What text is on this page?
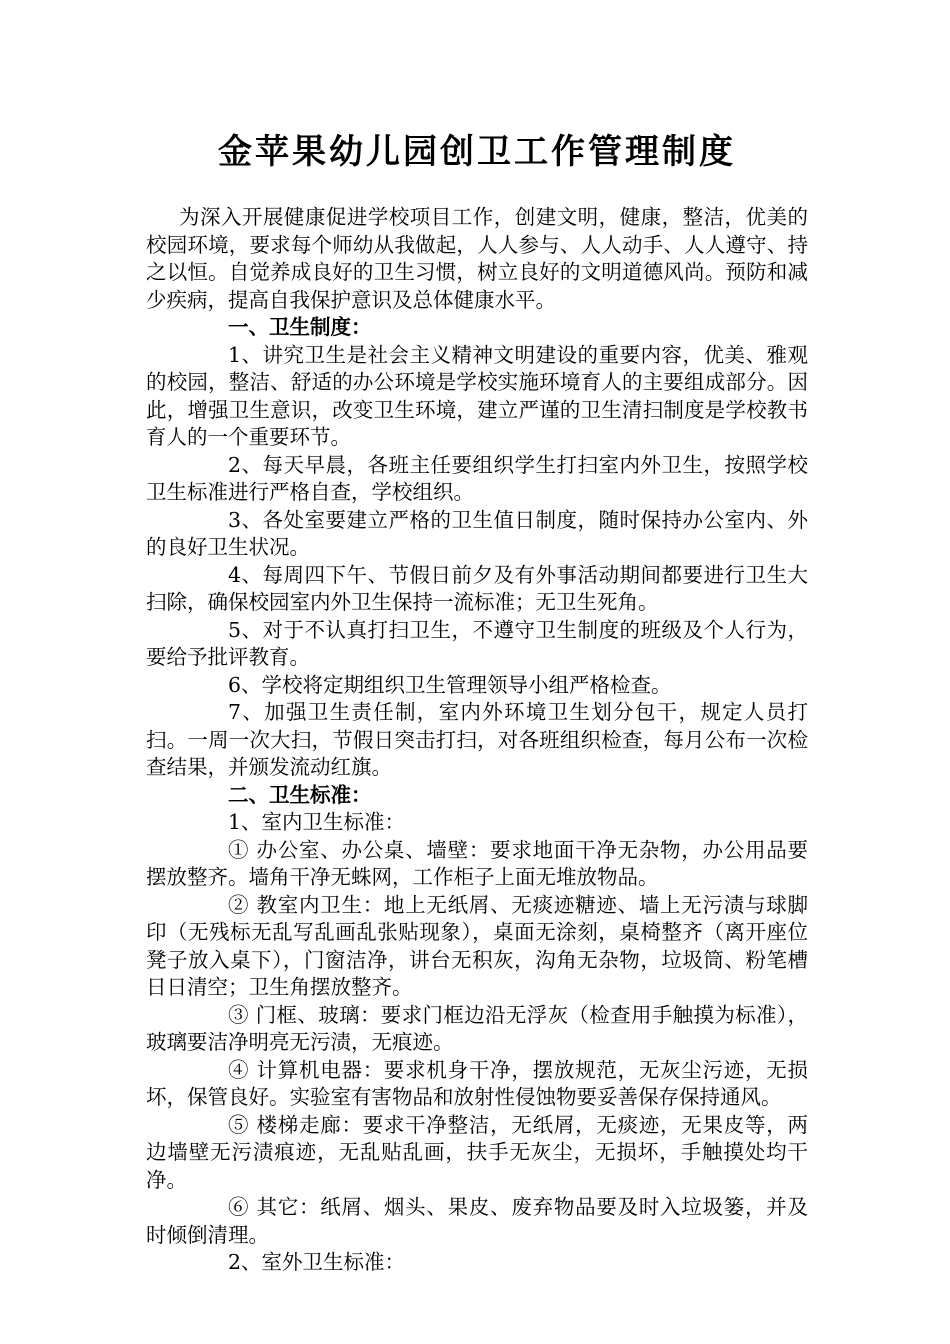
金苹果幼儿园创卫工作管理制度

为深入开展健康促进学校项目工作，创建文明，健康，整洁，优美的校园环境，要求每个师幼从我做起，人人参与、人人动手、人人遵守、持之以恒。自觉养成良好的卫生习惯，树立良好的文明道德风尚。预防和减少疾病，提高自我保护意识及总体健康水平。

一、卫生制度：

1、讲究卫生是社会主义精神文明建设的重要内容，优美、雅观的校园，整洁、舒适的办公环境是学校实施环境育人的主要组成部分。因此，增强卫生意识，改变卫生环境，建立严谨的卫生清扫制度是学校教书育人的一个重要环节。

2、每天早晨，各班主任要组织学生打扫室内外卫生，按照学校卫生标准进行严格自查，学校组织。

3、各处室要建立严格的卫生值日制度，随时保持办公室内、外的良好卫生状况。

4、每周四下午、节假日前夕及有外事活动期间都要进行卫生大扫除，确保校园室内外卫生保持一流标准；无卫生死角。

5、对于不认真打扫卫生，不遵守卫生制度的班级及个人行为，要给予批评教育。

6、学校将定期组织卫生管理领导小组严格检查。

7、加强卫生责任制，室内外环境卫生划分包干，规定人员打扫。一周一次大扫，节假日突击打扫，对各班组织检查，每月公布一次检查结果，并颁发流动红旗。

二、卫生标准：

1、室内卫生标准：

① 办公室、办公桌、墙壁：要求地面干净无杂物，办公用品要摆放整齐。墙角干净无蛛网，工作柜子上面无堆放物品。

② 教室内卫生：地上无纸屑、无痰迹糖迹、墙上无污渍与球脚印（无残标无乱写乱画乱张贴现象），桌面无涂刻，桌椅整齐（离开座位凳子放入桌下），门窗洁净，讲台无积灰，沟角无杂物，垃圾筒、粉笔槽日日清空；卫生角摆放整齐。

③ 门框、玻璃：要求门框边沿无浮灰（检查用手触摸为标准），玻璃要洁净明亮无污渍，无痕迹。

④ 计算机电器：要求机身干净，摆放规范，无灰尘污迹，无损坏，保管良好。实验室有害物品和放射性侵蚀物要妥善保存保持通风。

⑤ 楼梯走廊：要求干净整洁，无纸屑，无痰迹，无果皮等，两边墙壁无污渍痕迹，无乱贴乱画，扶手无灰尘，无损坏，手触摸处均干净。

⑥ 其它：纸屑、烟头、果皮、废弃物品要及时入垃圾篓，并及时倾倒清理。

2、室外卫生标准：
